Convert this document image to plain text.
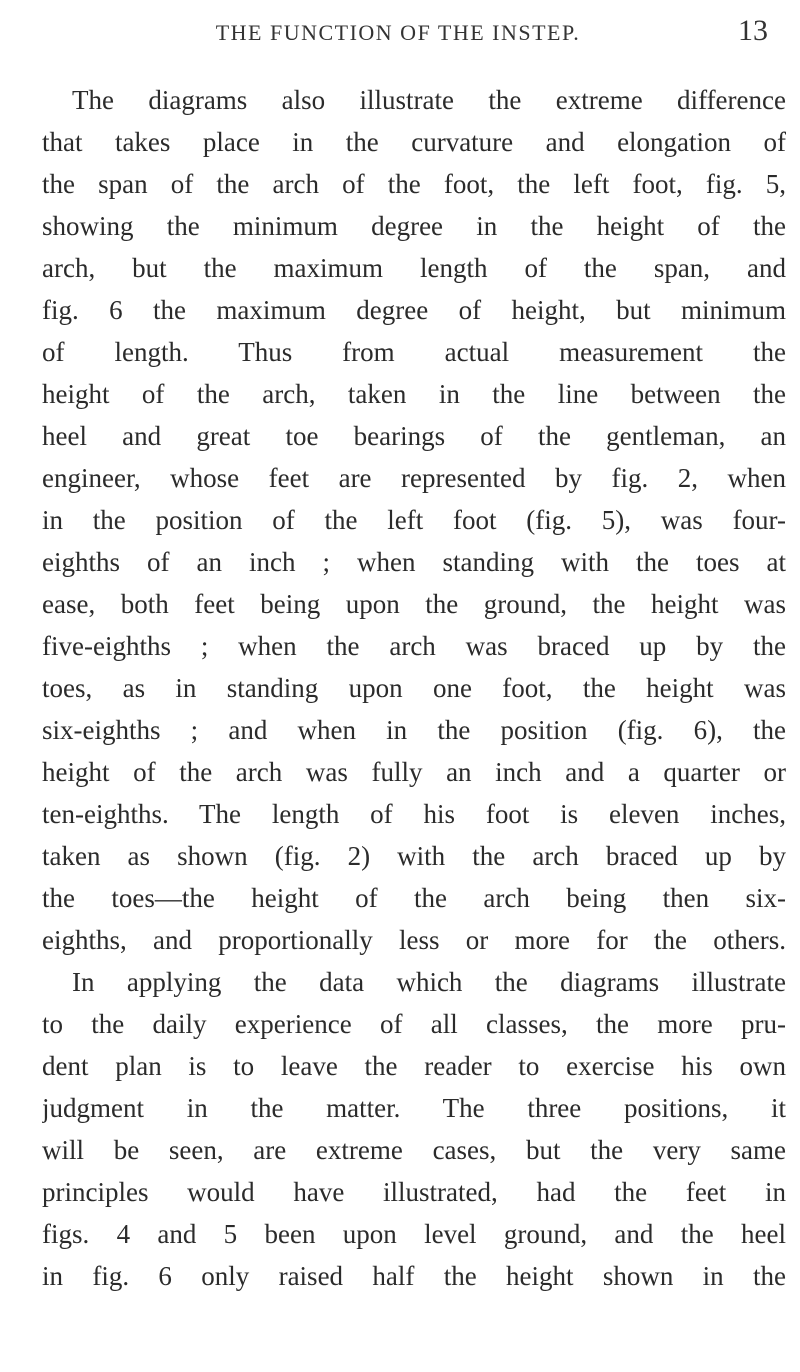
THE FUNCTION OF THE INSTEP.	13
The diagrams also illustrate the extreme difference
that takes place in the curvature and elongation of
the span of the arch of the foot, the left foot, fig. 5,
showing the minimum degree in the height of the
arch, but the maximum length of the span, and
fig. 6 the maximum degree of height, but minimum
of length. Thus from actual measurement the
height of the arch, taken in the line between the
heel and great toe bearings of the gentleman, an
engineer, whose feet are represented by fig. 2, when
in the position of the left foot (fig. 5), was four-
eighths of an inch ; when standing with the toes at
ease, both feet being upon the ground, the height was
five-eighths ; when the arch was braced up by the
toes, as in standing upon one foot, the height was
six-eighths ; and when in the position (fig. 6), the
height of the arch was fully an inch and a quarter or
ten-eighths. The length of his foot is eleven inches,
taken as shown (fig. 2) with the arch braced up by
the toes—the height of the arch being then six-
eighths, and proportionally less or more for the others.
In applying the data which the diagrams illustrate
to the daily experience of all classes, the more pru-
dent plan is to leave the reader to exercise his own
judgment in the matter. The three positions, it
will be seen, are extreme cases, but the very same
principles would have illustrated, had the feet in
figs. 4 and 5 been upon level ground, and the heel
in fig. 6 only raised half the height shown in the
